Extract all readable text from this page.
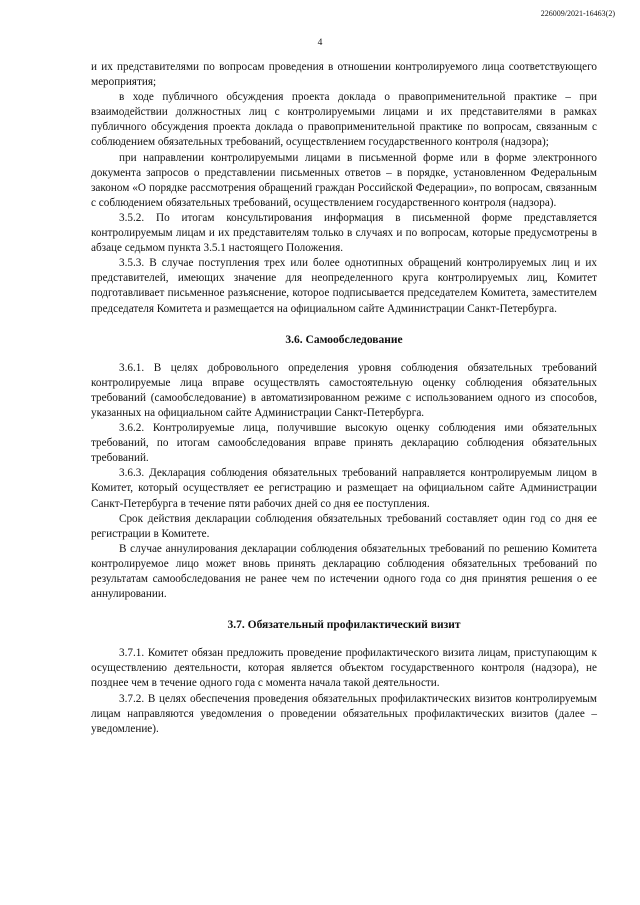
226009/2021-16463(2)
4

и их представителями по вопросам проведения в отношении контролируемого лица соответствующего мероприятия;

в ходе публичного обсуждения проекта доклада о правоприменительной практике – при взаимодействии должностных лиц с контролируемыми лицами и их представителями в рамках публичного обсуждения проекта доклада о правоприменительной практике по вопросам, связанным с соблюдением обязательных требований, осуществлением государственного контроля (надзора);

при направлении контролируемыми лицами в письменной форме или в форме электронного документа запросов о представлении письменных ответов – в порядке, установленном Федеральным законом «О порядке рассмотрения обращений граждан Российской Федерации», по вопросам, связанным с соблюдением обязательных требований, осуществлением государственного контроля (надзора).

3.5.2. По итогам консультирования информация в письменной форме представляется контролируемым лицам и их представителям только в случаях и по вопросам, которые предусмотрены в абзаце седьмом пункта 3.5.1 настоящего Положения.

3.5.3. В случае поступления трех или более однотипных обращений контролируемых лиц и их представителей, имеющих значение для неопределенного круга контролируемых лиц, Комитет подготавливает письменное разъяснение, которое подписывается председателем Комитета, заместителем председателя Комитета и размещается на официальном сайте Администрации Санкт-Петербурга.

3.6. Самообследование

3.6.1. В целях добровольного определения уровня соблюдения обязательных требований контролируемые лица вправе осуществлять самостоятельную оценку соблюдения обязательных требований (самообследование) в автоматизированном режиме с использованием одного из способов, указанных на официальном сайте Администрации Санкт-Петербурга.

3.6.2. Контролируемые лица, получившие высокую оценку соблюдения ими обязательных требований, по итогам самообследования вправе принять декларацию соблюдения обязательных требований.

3.6.3. Декларация соблюдения обязательных требований направляется контролируемым лицом в Комитет, который осуществляет ее регистрацию и размещает на официальном сайте Администрации Санкт-Петербурга в течение пяти рабочих дней со дня ее поступления.

Срок действия декларации соблюдения обязательных требований составляет один год со дня ее регистрации в Комитете.

В случае аннулирования декларации соблюдения обязательных требований по решению Комитета контролируемое лицо может вновь принять декларацию соблюдения обязательных требований по результатам самообследования не ранее чем по истечении одного года со дня принятия решения о ее аннулировании.

3.7. Обязательный профилактический визит

3.7.1. Комитет обязан предложить проведение профилактического визита лицам, приступающим к осуществлению деятельности, которая является объектом государственного контроля (надзора), не позднее чем в течение одного года с момента начала такой деятельности.

3.7.2. В целях обеспечения проведения обязательных профилактических визитов контролируемым лицам направляются уведомления о проведении обязательных профилактических визитов (далее – уведомление).
